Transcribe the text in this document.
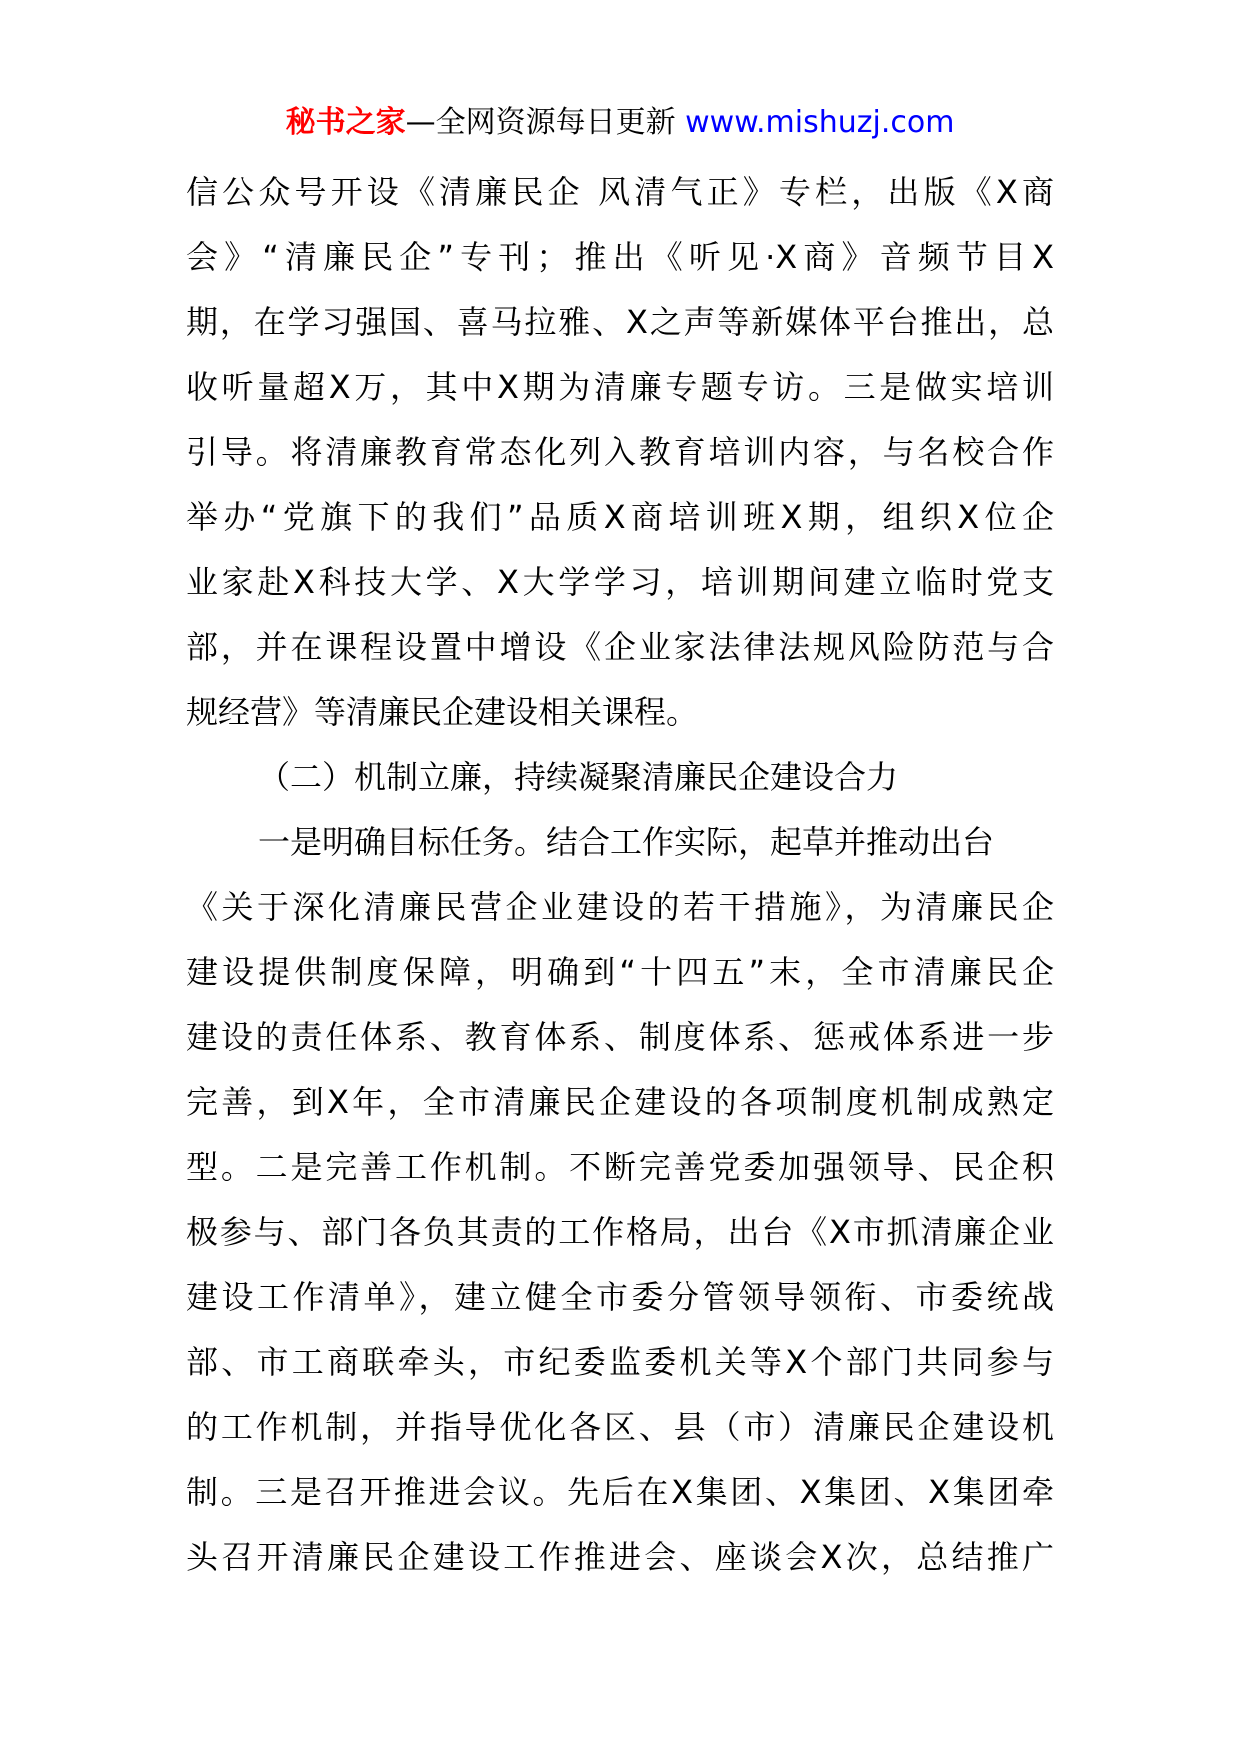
秘书之家—全网资源每日更新 www.mishuzj.com
信公众号开设《清廉民企 风清气正》专栏，出版《X商
会》“清廉民企”专刊；推出《听见·X商》音频节目X
期，在学习强国、喜马拉雅、X之声等新媒体平台推出，总
收听量超X万，其中X期为清廉专题专访。三是做实培训
引导。将清廉教育常态化列入教育培训内容，与名校合作
举办“党旗下的我们”品质X商培训班X期，组织X位企
业家赴X科技大学、X大学学习，培训期间建立临时党支
部，并在课程设置中增设《企业家法律法规风险防范与合
规经营》等清廉民企建设相关课程。
（二）机制立廉，持续凝聚清廉民企建设合力
一是明确目标任务。结合工作实际，起草并推动出台
《关于深化清廉民营企业建设的若干措施》，为清廉民企
建设提供制度保障，明确到“十四五”末，全市清廉民企
建设的责任体系、教育体系、制度体系、惩戒体系进一步
完善，到X年，全市清廉民企建设的各项制度机制成熟定
型。二是完善工作机制。不断完善党委加强领导、民企积
极参与、部门各负其责的工作格局，出台《X市抓清廉企业
建设工作清单》，建立健全市委分管领导领衔、市委统战
部、市工商联牵头，市纪委监委机关等X个部门共同参与
的工作机制，并指导优化各区、县（市）清廉民企建设机
制。三是召开推进会议。先后在X集团、X集团、X集团牵
头召开清廉民企建设工作推进会、座谈会X次，总结推广
